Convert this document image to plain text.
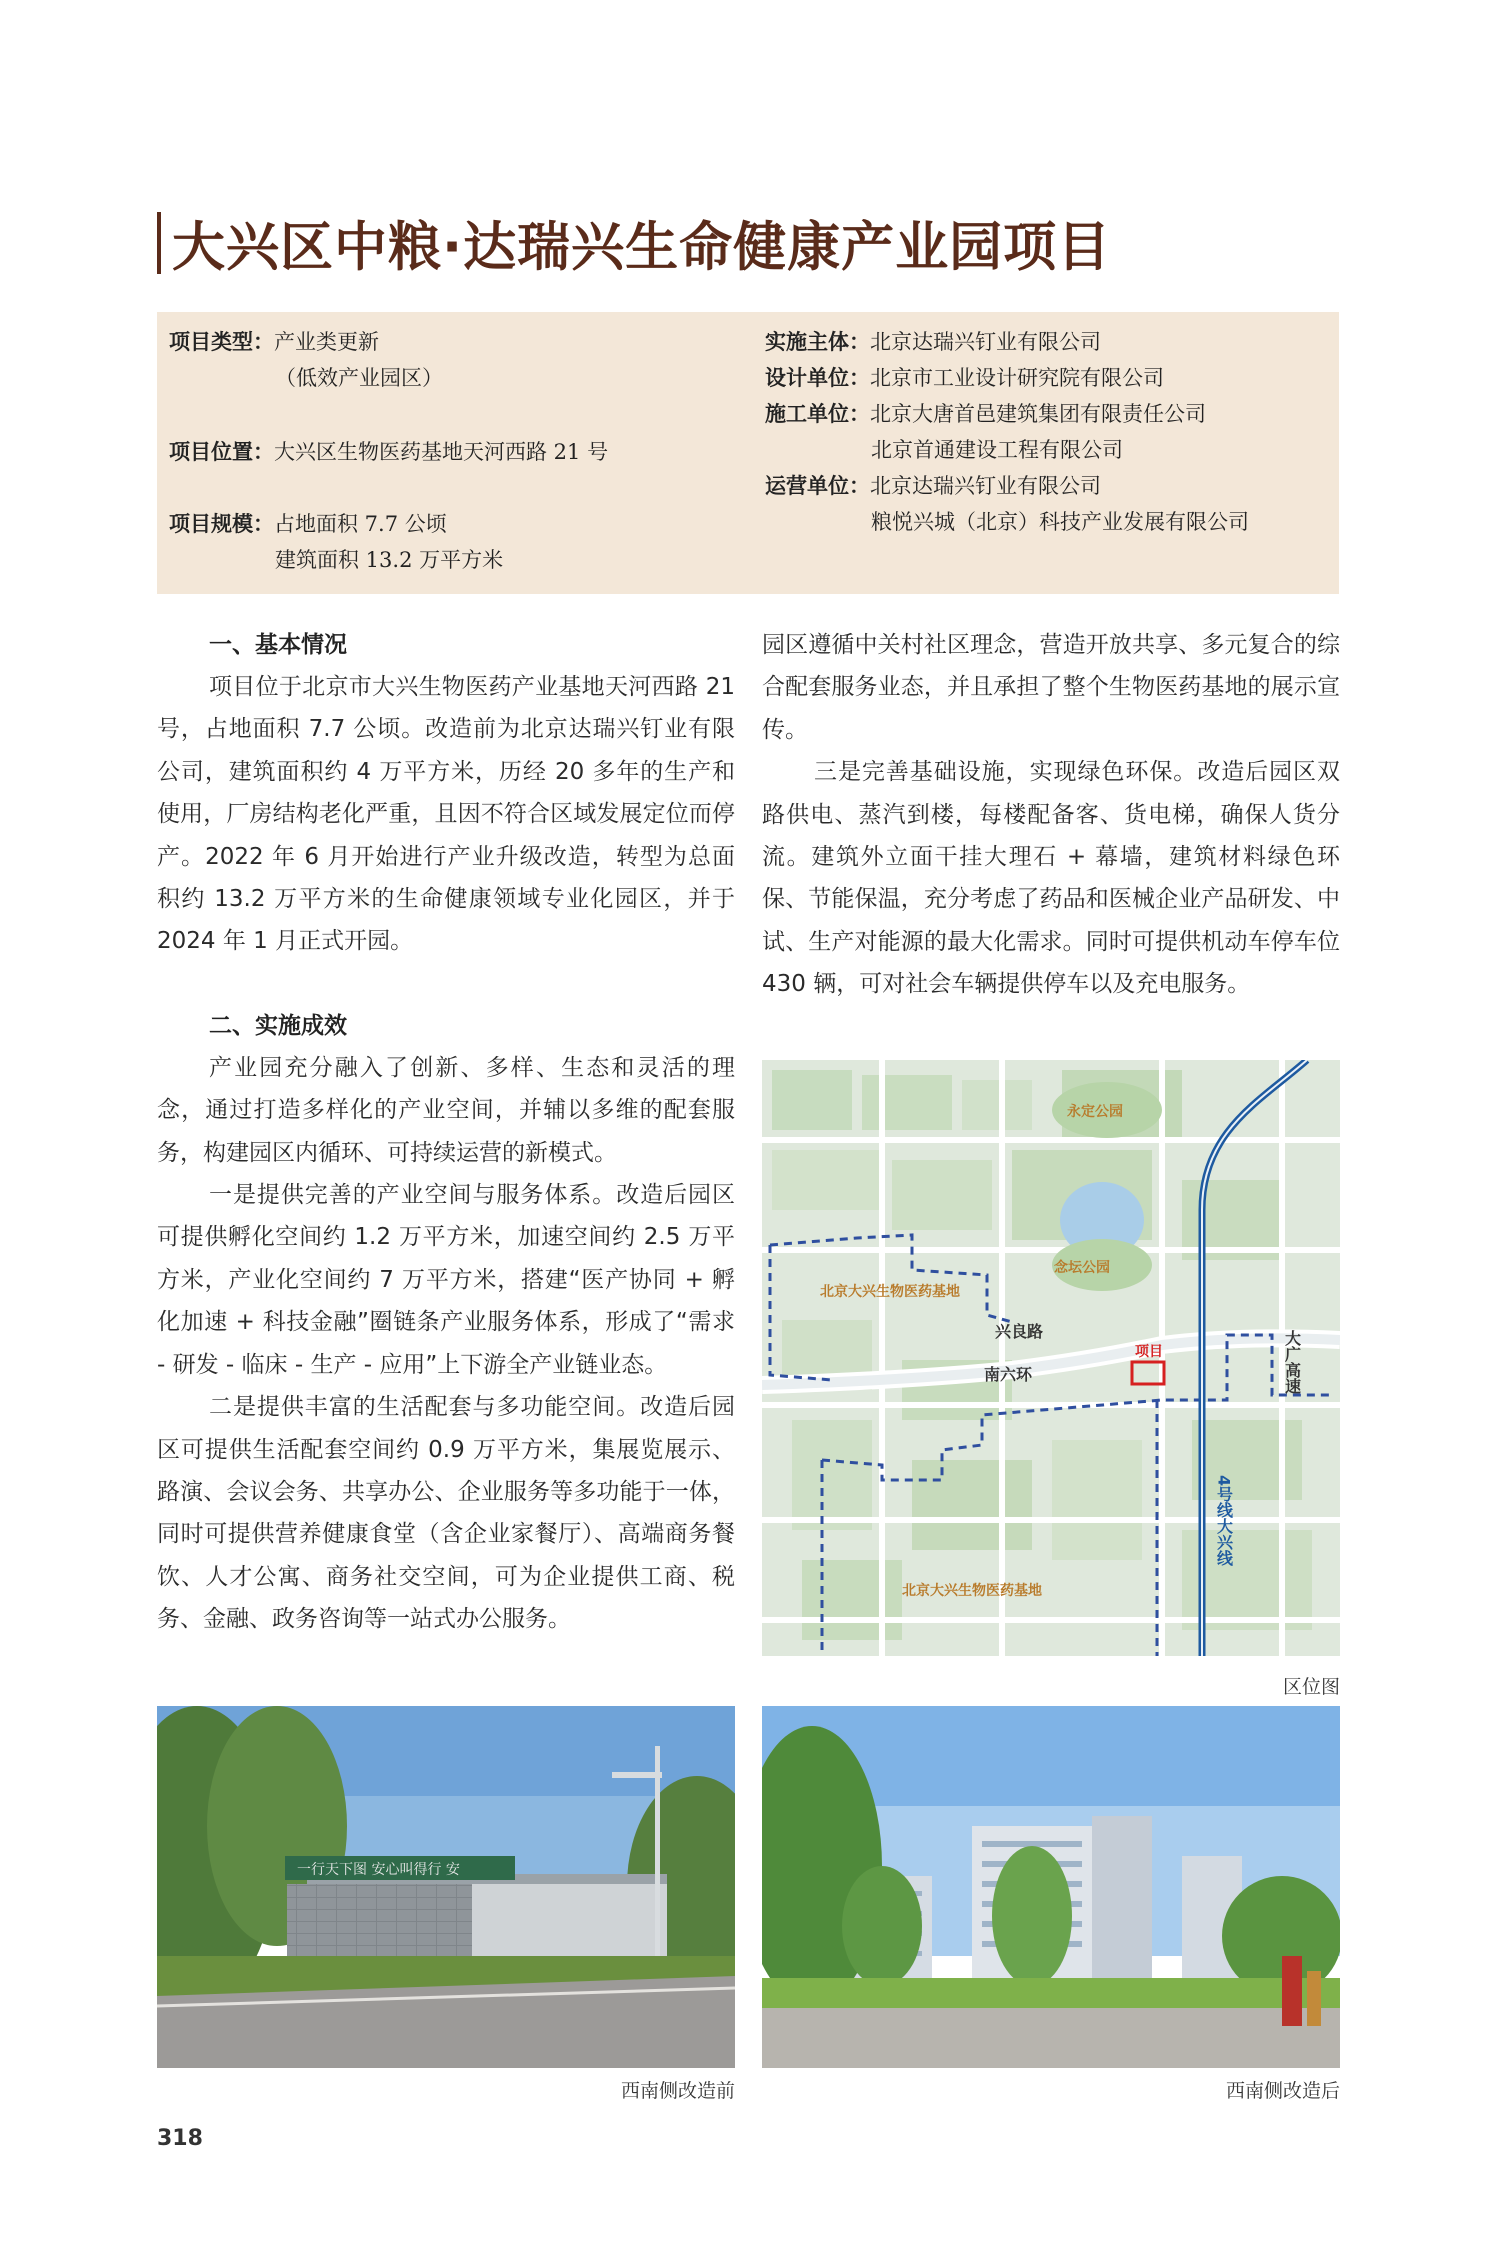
大兴区中粮·达瑞兴生命健康产业园项目
项目类型：产业类更新
（低效产业园区）
项目位置：大兴区生物医药基地天河西路 21 号
项目规模：占地面积 7.7 公顷
建筑面积 13.2 万平方米
实施主体：北京达瑞兴钉业有限公司
设计单位：北京市工业设计研究院有限公司
施工单位：北京大唐首邑建筑集团有限责任公司
北京首通建设工程有限公司
运营单位：北京达瑞兴钉业有限公司
粮悦兴城（北京）科技产业发展有限公司
一、基本情况

项目位于北京市大兴生物医药产业基地天河西路 21 号，占地面积 7.7 公顷。改造前为北京达瑞兴钉业有限公司，建筑面积约 4 万平方米，历经 20 多年的生产和使用，厂房结构老化严重，且因不符合区域发展定位而停产。2022 年 6 月开始进行产业升级改造，转型为总面积约 13.2 万平方米的生命健康领域专业化园区，并于 2024 年 1 月正式开园。

二、实施成效

产业园充分融入了创新、多样、生态和灵活的理念，通过打造多样化的产业空间，并辅以多维的配套服务，构建园区内循环、可持续运营的新模式。

一是提供完善的产业空间与服务体系。改造后园区可提供孵化空间约 1.2 万平方米，加速空间约 2.5 万平方米，产业化空间约 7 万平方米，搭建“医产协同 + 孵化加速 + 科技金融”圈链条产业服务体系，形成了“需求 - 研发 - 临床 - 生产 - 应用”上下游全产业链业态。

二是提供丰富的生活配套与多功能空间。改造后园区可提供生活配套空间约 0.9 万平方米，集展览展示、路演、会议会务、共享办公、企业服务等多功能于一体，同时可提供营养健康食堂（含企业家餐厅）、高端商务餐饮、人才公寓、商务社交空间，可为企业提供工商、税务、金融、政务咨询等一站式办公服务。

园区遵循中关村社区理念，营造开放共享、多元复合的综合配套服务业态，并且承担了整个生物医药基地的展示宣传。

三是完善基础设施，实现绿色环保。改造后园区双路供电、蒸汽到楼，每楼配备客、货电梯，确保人货分流。建筑外立面干挂大理石 + 幕墙，建筑材料绿色环保、节能保温，充分考虑了药品和医械企业产品研发、中试、生产对能源的最大化需求。同时可提供机动车停车位 430 辆，可对社会车辆提供停车以及充电服务。

永定公园
念坛公园
北京大兴生物医药基地
北京大兴生物医药基地
兴良路
南六环
项目	大广高速
4号线大兴线
区位图
一行天下图 安心叫得行 安
西南侧改造前	西南侧改造后
318
